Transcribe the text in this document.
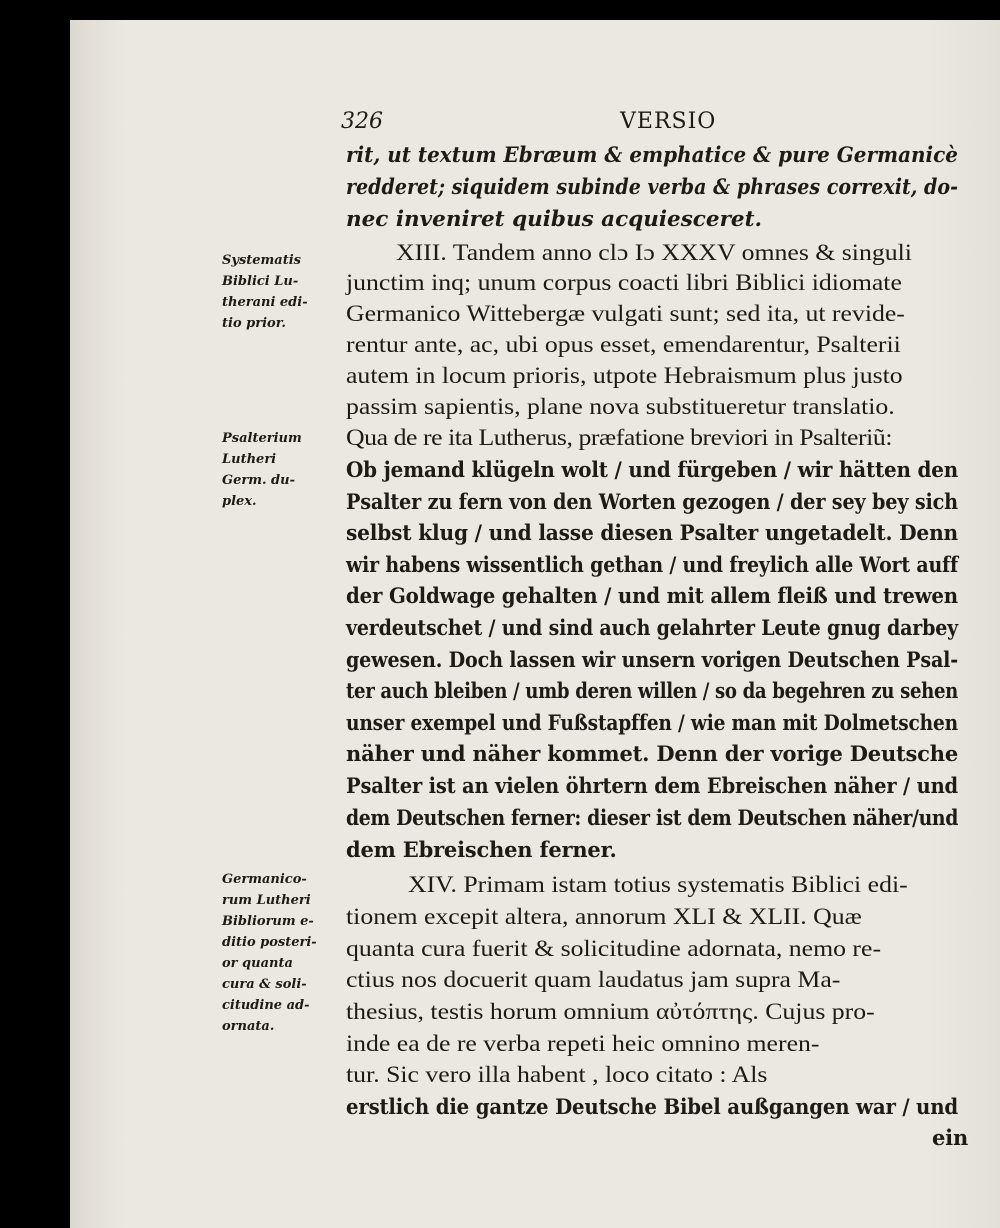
326	VERSIO
rit, ut textum Ebræum & emphatice & pure Germanicè
redderet; siquidem subinde verba & phrases correxit, do-
nec inveniret quibus acquiesceret.
XIII. Tandem anno clɔ Iɔ XXXV omnes & singuli
junctim inq; unum corpus coacti libri Biblici idiomate
Germanico Wittebergæ vulgati sunt; sed ita, ut revide-
rentur ante, ac, ubi opus esset, emendarentur, Psalterii
autem in locum prioris, utpote Hebraismum plus justo
passim sapientis, plane nova substitueretur translatio.
Qua de re ita Lutherus, præfatione breviori in Psalteriũ:
Ob jemand klügeln wolt / und fürgeben / wir hätten den
Psalter zu fern von den Worten gezogen / der sey bey sich
selbst klug / und lasse diesen Psalter ungetadelt. Denn
wir habens wissentlich gethan / und freylich alle Wort auff
der Goldwage gehalten / und mit allem fleiß und trewen
verdeutschet / und sind auch gelahrter Leute gnug darbey
gewesen. Doch lassen wir unsern vorigen Deutschen Psal-
ter auch bleiben / umb deren willen / so da begehren zu sehen
unser exempel und Fußstapffen / wie man mit Dolmetschen
näher und näher kommet. Denn der vorige Deutsche
Psalter ist an vielen öhrtern dem Ebreischen näher / und
dem Deutschen ferner: dieser ist dem Deutschen näher/und
dem Ebreischen ferner.
XIV. Primam istam totius systematis Biblici edi-
tionem excepit altera, annorum XLI & XLII. Quæ
quanta cura fuerit & solicitudine adornata, nemo re-
ctius nos docuerit quam laudatus jam supra Ma-
thesius, testis horum omnium αὐτόπτης. Cujus pro-
inde ea de re verba repeti heic omnino meren-
tur. Sic vero illa habent , loco citato : Als
erstlich die gantze Deutsche Bibel außgangen war / und
ein
Systematis
Biblici Lu-
therani edi-
tio prior.
Psalterium
Lutheri
Germ. du-
plex.
Germanico-
rum Lutheri
Bibliorum e-
ditio posteri-
or quanta
cura & soli-
citudine ad-
ornata.
